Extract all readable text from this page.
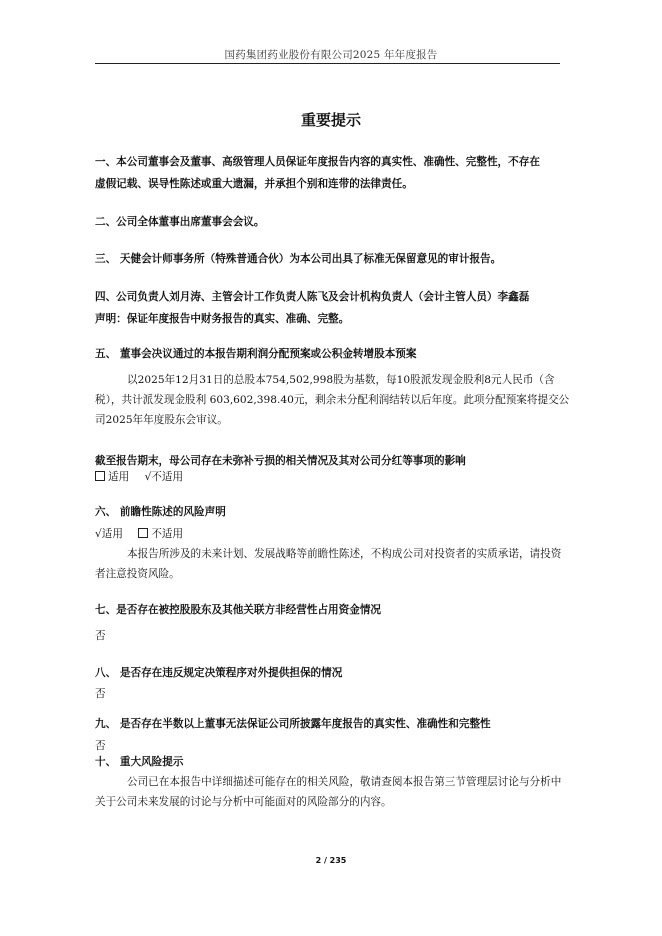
国药集团药业股份有限公司2025 年年度报告
重要提示
一、本公司董事会及董事、高级管理人员保证年度报告内容的真实性、准确性、完整性，不存在
虚假记载、误导性陈述或重大遗漏，并承担个别和连带的法律责任。
二、公司全体董事出席董事会会议。
三、 天健会计师事务所（特殊普通合伙）为本公司出具了标准无保留意见的审计报告。
四、公司负责人刘月涛、主管会计工作负责人陈飞及会计机构负责人（会计主管人员）李鑫磊
声明：保证年度报告中财务报告的真实、准确、完整。
五、 董事会决议通过的本报告期利润分配预案或公积金转增股本预案
以2025年12月31日的总股本754,502,998股为基数，每10股派发现金股利8元人民币（含税），共计派发现金股利 603,602,398.40元，剩余未分配利润结转以后年度。此项分配预案将提交公司2025年年度股东会审议。
截至报告期末，母公司存在未弥补亏损的相关情况及其对公司分红等事项的影响
适用 √不适用
六、 前瞻性陈述的风险声明
√适用	不适用
本报告所涉及的未来计划、发展战略等前瞻性陈述，不构成公司对投资者的实质承诺，请投资者注意投资风险。
七、是否存在被控股股东及其他关联方非经营性占用资金情况
否
八、 是否存在违反规定决策程序对外提供担保的情况
否
九、 是否存在半数以上董事无法保证公司所披露年度报告的真实性、准确性和完整性
否
十、 重大风险提示
公司已在本报告中详细描述可能存在的相关风险，敬请查阅本报告第三节管理层讨论与分析中关于公司未来发展的讨论与分析中可能面对的风险部分的内容。
2 / 235
